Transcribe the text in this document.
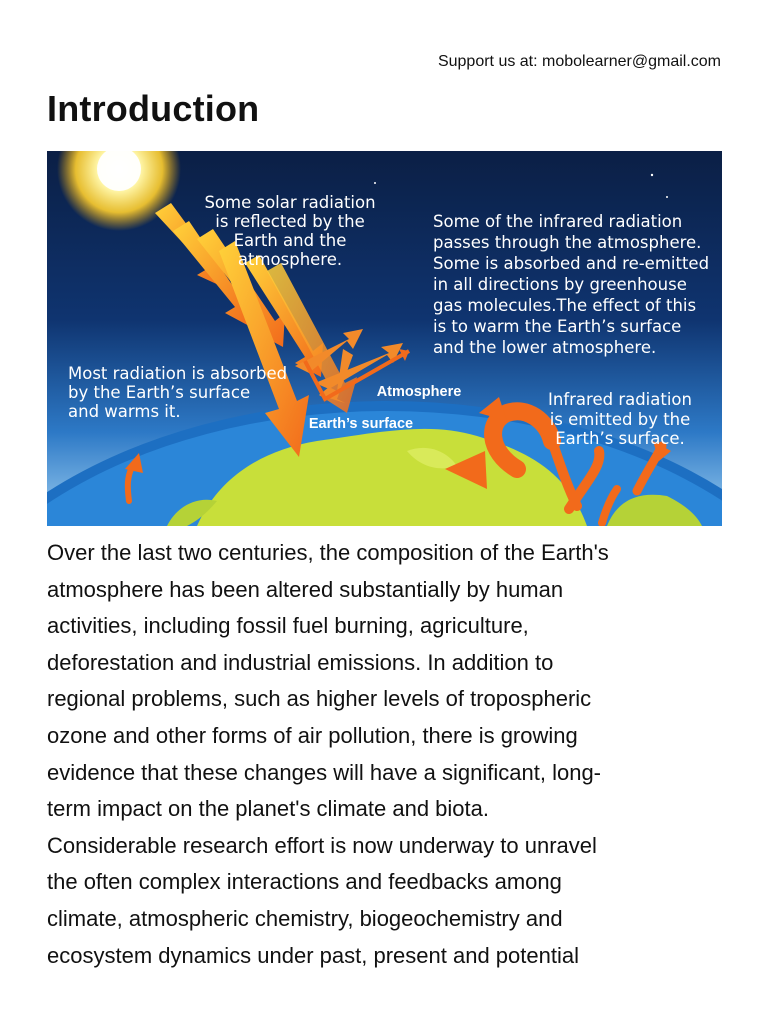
Support us at: mobolearner@gmail.com
Introduction
Some solar radiation
is reflected by the
Earth and the
atmosphere.
Some of the infrared radiation
passes through the atmosphere.
Some is absorbed and re-emitted
in all directions by greenhouse
gas molecules.The effect of this
is to warm the Earth’s surface
and the lower atmosphere.
Most radiation is absorbed
by the Earth’s surface
and warms it.
Infrared radiation
is emitted by the
Earth’s surface.
Atmosphere
Earth’s surface
Over the last two centuries, the composition of the Earth's
atmosphere has been altered substantially by human
activities, including fossil fuel burning, agriculture,
deforestation and industrial emissions. In addition to
regional problems, such as higher levels of tropospheric
ozone and other forms of air pollution, there is growing
evidence that these changes will have a significant, long-
term impact on the planet's climate and biota.
Considerable research effort is now underway to unravel
the often complex interactions and feedbacks among
climate, atmospheric chemistry, biogeochemistry and
ecosystem dynamics under past, present and potential
